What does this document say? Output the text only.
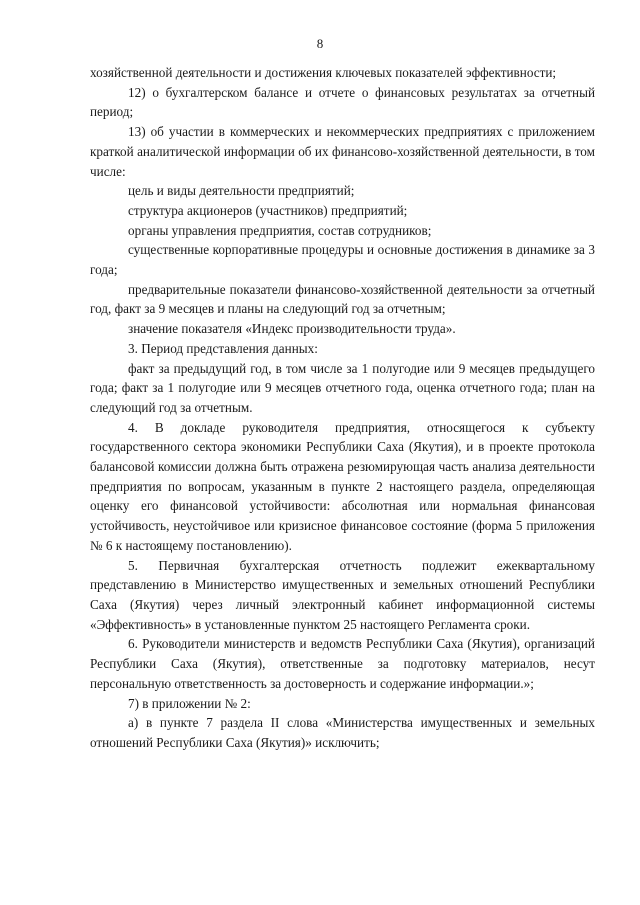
8

хозяйственной деятельности и достижения ключевых показателей эффективности;

12) о бухгалтерском балансе и отчете о финансовых результатах за отчетный период;

13) об участии в коммерческих и некоммерческих предприятиях с приложением краткой аналитической информации об их финансово-хозяйственной деятельности, в том числе:

цель и виды деятельности предприятий;

структура акционеров (участников) предприятий;

органы управления предприятия, состав сотрудников;

существенные корпоративные процедуры и основные достижения в динамике за 3 года;

предварительные показатели финансово-хозяйственной деятельности за отчетный год, факт за 9 месяцев и планы на следующий год за отчетным;

значение показателя «Индекс производительности труда».

3. Период представления данных:

факт за предыдущий год, в том числе за 1 полугодие или 9 месяцев предыдущего года; факт за 1 полугодие или 9 месяцев отчетного года, оценка отчетного года; план на следующий год за отчетным.

4. В докладе руководителя предприятия, относящегося к субъекту государственного сектора экономики Республики Саха (Якутия), и в проекте протокола балансовой комиссии должна быть отражена резюмирующая часть анализа деятельности предприятия по вопросам, указанным в пункте 2 настоящего раздела, определяющая оценку его финансовой устойчивости: абсолютная или нормальная финансовая устойчивость, неустойчивое или кризисное финансовое состояние (форма 5 приложения № 6 к настоящему постановлению).

5. Первичная бухгалтерская отчетность подлежит ежеквартальному представлению в Министерство имущественных и земельных отношений Республики Саха (Якутия) через личный электронный кабинет информационной системы «Эффективность» в установленные пунктом 25 настоящего Регламента сроки.

6. Руководители министерств и ведомств Республики Саха (Якутия), организаций Республики Саха (Якутия), ответственные за подготовку материалов, несут персональную ответственность за достоверность и содержание информации.»;

7) в приложении № 2:

а) в пункте 7 раздела II слова «Министерства имущественных и земельных отношений Республики Саха (Якутия)» исключить;
